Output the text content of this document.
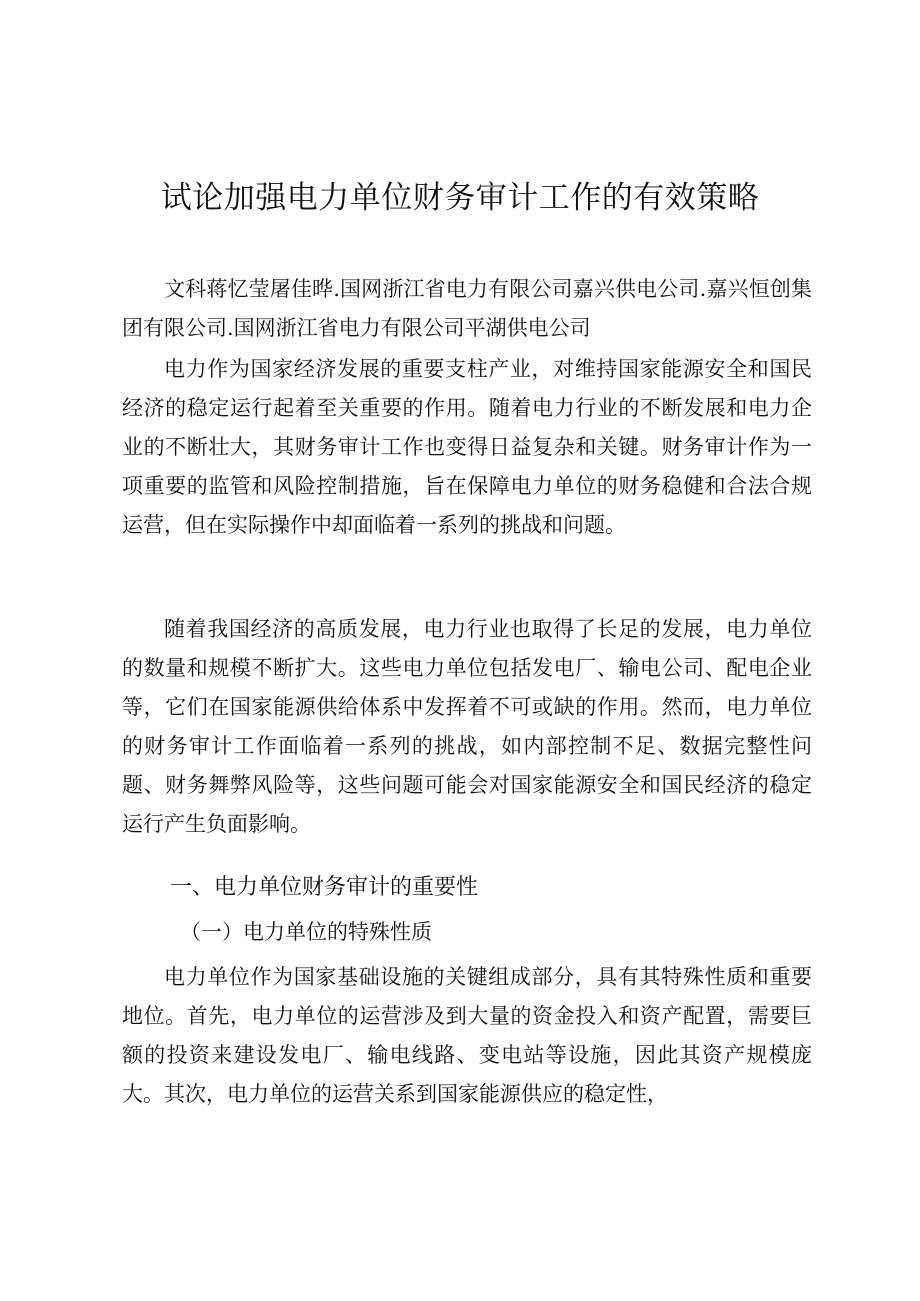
试论加强电力单位财务审计工作的有效策略

文科蒋忆莹屠佳晔.国网浙江省电力有限公司嘉兴供电公司.嘉兴恒创集团有限公司.国网浙江省电力有限公司平湖供电公司

电力作为国家经济发展的重要支柱产业，对维持国家能源安全和国民经济的稳定运行起着至关重要的作用。随着电力行业的不断发展和电力企业的不断壮大，其财务审计工作也变得日益复杂和关键。财务审计作为一项重要的监管和风险控制措施，旨在保障电力单位的财务稳健和合法合规运营，但在实际操作中却面临着一系列的挑战和问题。

随着我国经济的高质发展，电力行业也取得了长足的发展，电力单位的数量和规模不断扩大。这些电力单位包括发电厂、输电公司、配电企业等，它们在国家能源供给体系中发挥着不可或缺的作用。然而，电力单位的财务审计工作面临着一系列的挑战，如内部控制不足、数据完整性问题、财务舞弊风险等，这些问题可能会对国家能源安全和国民经济的稳定运行产生负面影响。

一、电力单位财务审计的重要性
（一）电力单位的特殊性质

电力单位作为国家基础设施的关键组成部分，具有其特殊性质和重要地位。首先，电力单位的运营涉及到大量的资金投入和资产配置，需要巨额的投资来建设发电厂、输电线路、变电站等设施，因此其资产规模庞大。其次，电力单位的运营关系到国家能源供应的稳定性，
